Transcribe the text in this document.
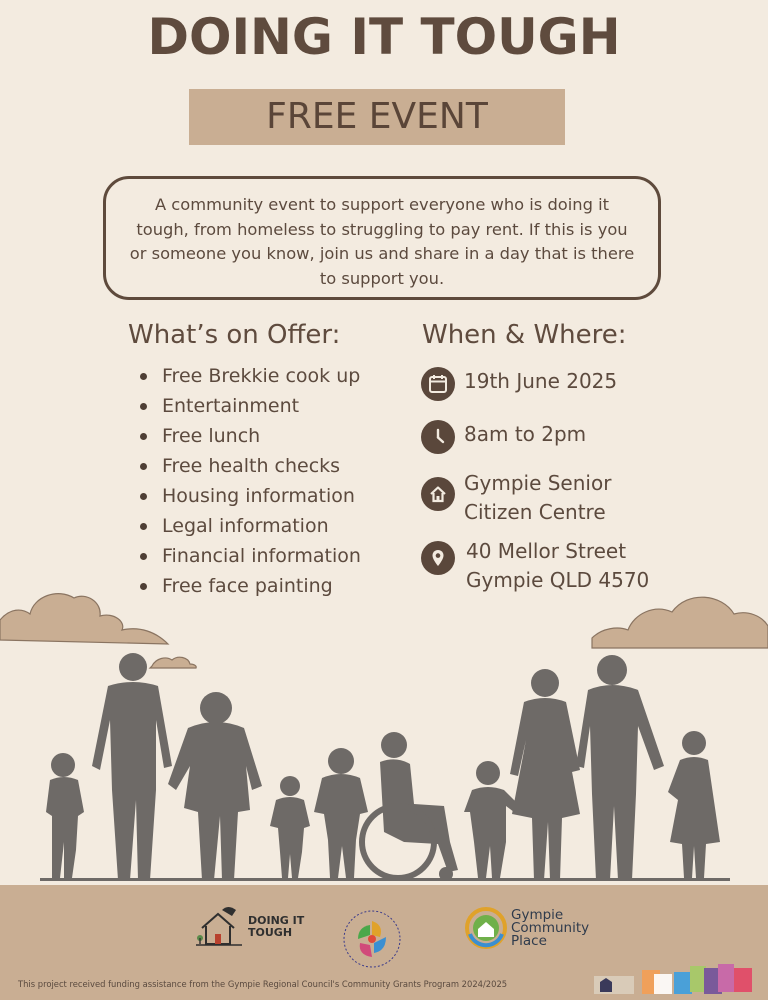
DOING IT TOUGH
FREE EVENT
A community event to support everyone who is doing it tough, from homeless to struggling to pay rent. If this is you or someone you know, join us and share in a day that is there to support you.
What’s on Offer:
Free Brekkie cook up
Entertainment
Free lunch
Free health checks
Housing information
Legal information
Financial information
Free face painting
When & Where:
19th June 2025
8am to 2pm
Gympie Senior
Citizen Centre
40 Mellor Street
Gympie QLD 4570
DOING IT
TOUGH
Gympie
Community
Place
This project received funding assistance from the Gympie Regional Council's Community Grants Program 2024/2025
